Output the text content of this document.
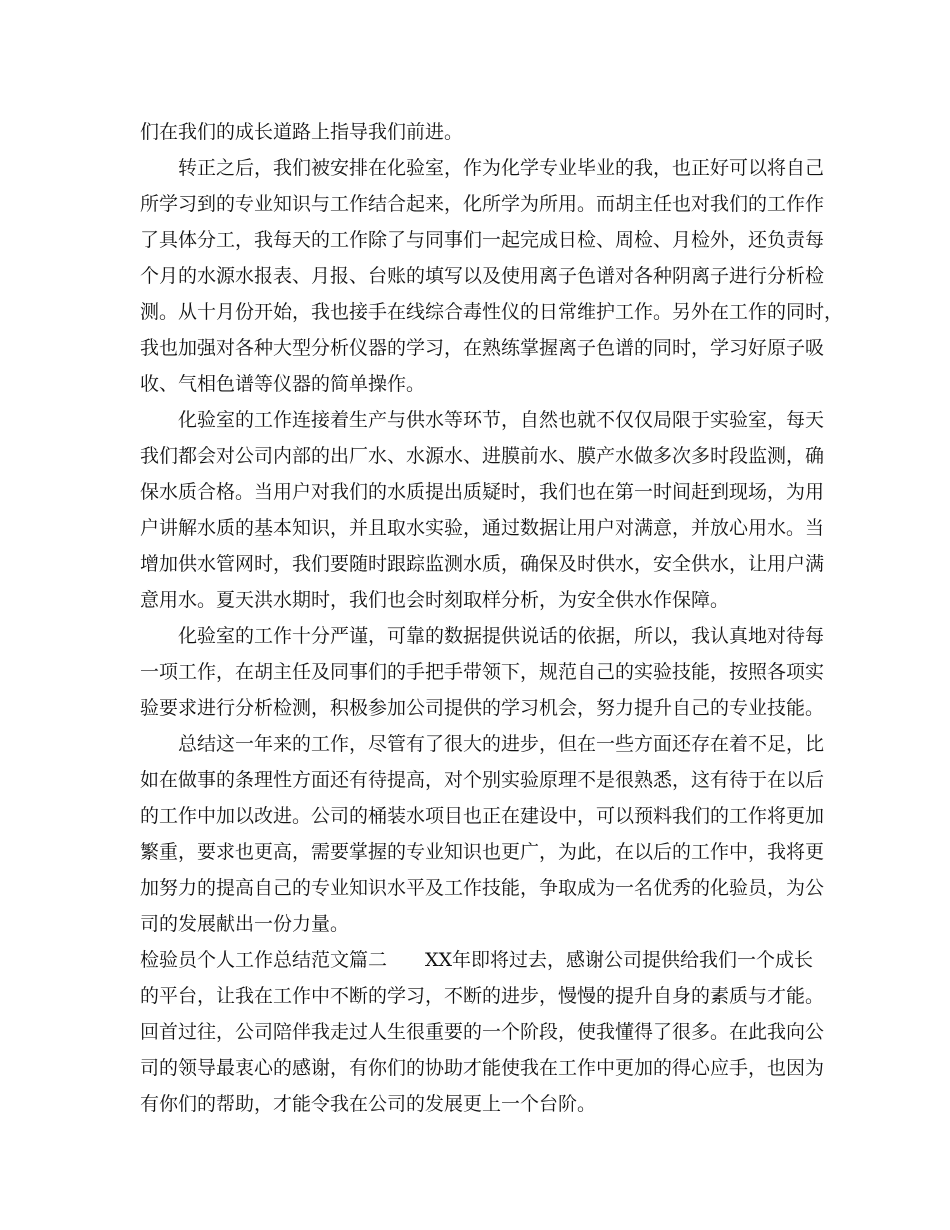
们在我们的成长道路上指导我们前进。
转正之后，我们被安排在化验室，作为化学专业毕业的我，也正好可以将自己
所学习到的专业知识与工作结合起来，化所学为所用。而胡主任也对我们的工作作
了具体分工，我每天的工作除了与同事们一起完成日检、周检、月检外，还负责每
个月的水源水报表、月报、台账的填写以及使用离子色谱对各种阴离子进行分析检
测。从十月份开始，我也接手在线综合毒性仪的日常维护工作。另外在工作的同时，
我也加强对各种大型分析仪器的学习，在熟练掌握离子色谱的同时，学习好原子吸
收、气相色谱等仪器的简单操作。
化验室的工作连接着生产与供水等环节，自然也就不仅仅局限于实验室，每天
我们都会对公司内部的出厂水、水源水、进膜前水、膜产水做多次多时段监测，确
保水质合格。当用户对我们的水质提出质疑时，我们也在第一时间赶到现场，为用
户讲解水质的基本知识，并且取水实验，通过数据让用户对满意，并放心用水。当
增加供水管网时，我们要随时跟踪监测水质，确保及时供水，安全供水，让用户满
意用水。夏天洪水期时，我们也会时刻取样分析，为安全供水作保障。
化验室的工作十分严谨，可靠的数据提供说话的依据，所以，我认真地对待每
一项工作，在胡主任及同事们的手把手带领下，规范自己的实验技能，按照各项实
验要求进行分析检测，积极参加公司提供的学习机会，努力提升自己的专业技能。
总结这一年来的工作，尽管有了很大的进步，但在一些方面还存在着不足，比
如在做事的条理性方面还有待提高，对个别实验原理不是很熟悉，这有待于在以后
的工作中加以改进。公司的桶装水项目也正在建设中，可以预料我们的工作将更加
繁重，要求也更高，需要掌握的专业知识也更广，为此，在以后的工作中，我将更
加努力的提高自己的专业知识水平及工作技能，争取成为一名优秀的化验员，为公
司的发展献出一份力量。
检验员个人工作总结范文篇二　　XX年即将过去，感谢公司提供给我们一个成长
的平台，让我在工作中不断的学习，不断的进步，慢慢的提升自身的素质与才能。
回首过往，公司陪伴我走过人生很重要的一个阶段，使我懂得了很多。在此我向公
司的领导最衷心的感谢，有你们的协助才能使我在工作中更加的得心应手，也因为
有你们的帮助，才能令我在公司的发展更上一个台阶。
